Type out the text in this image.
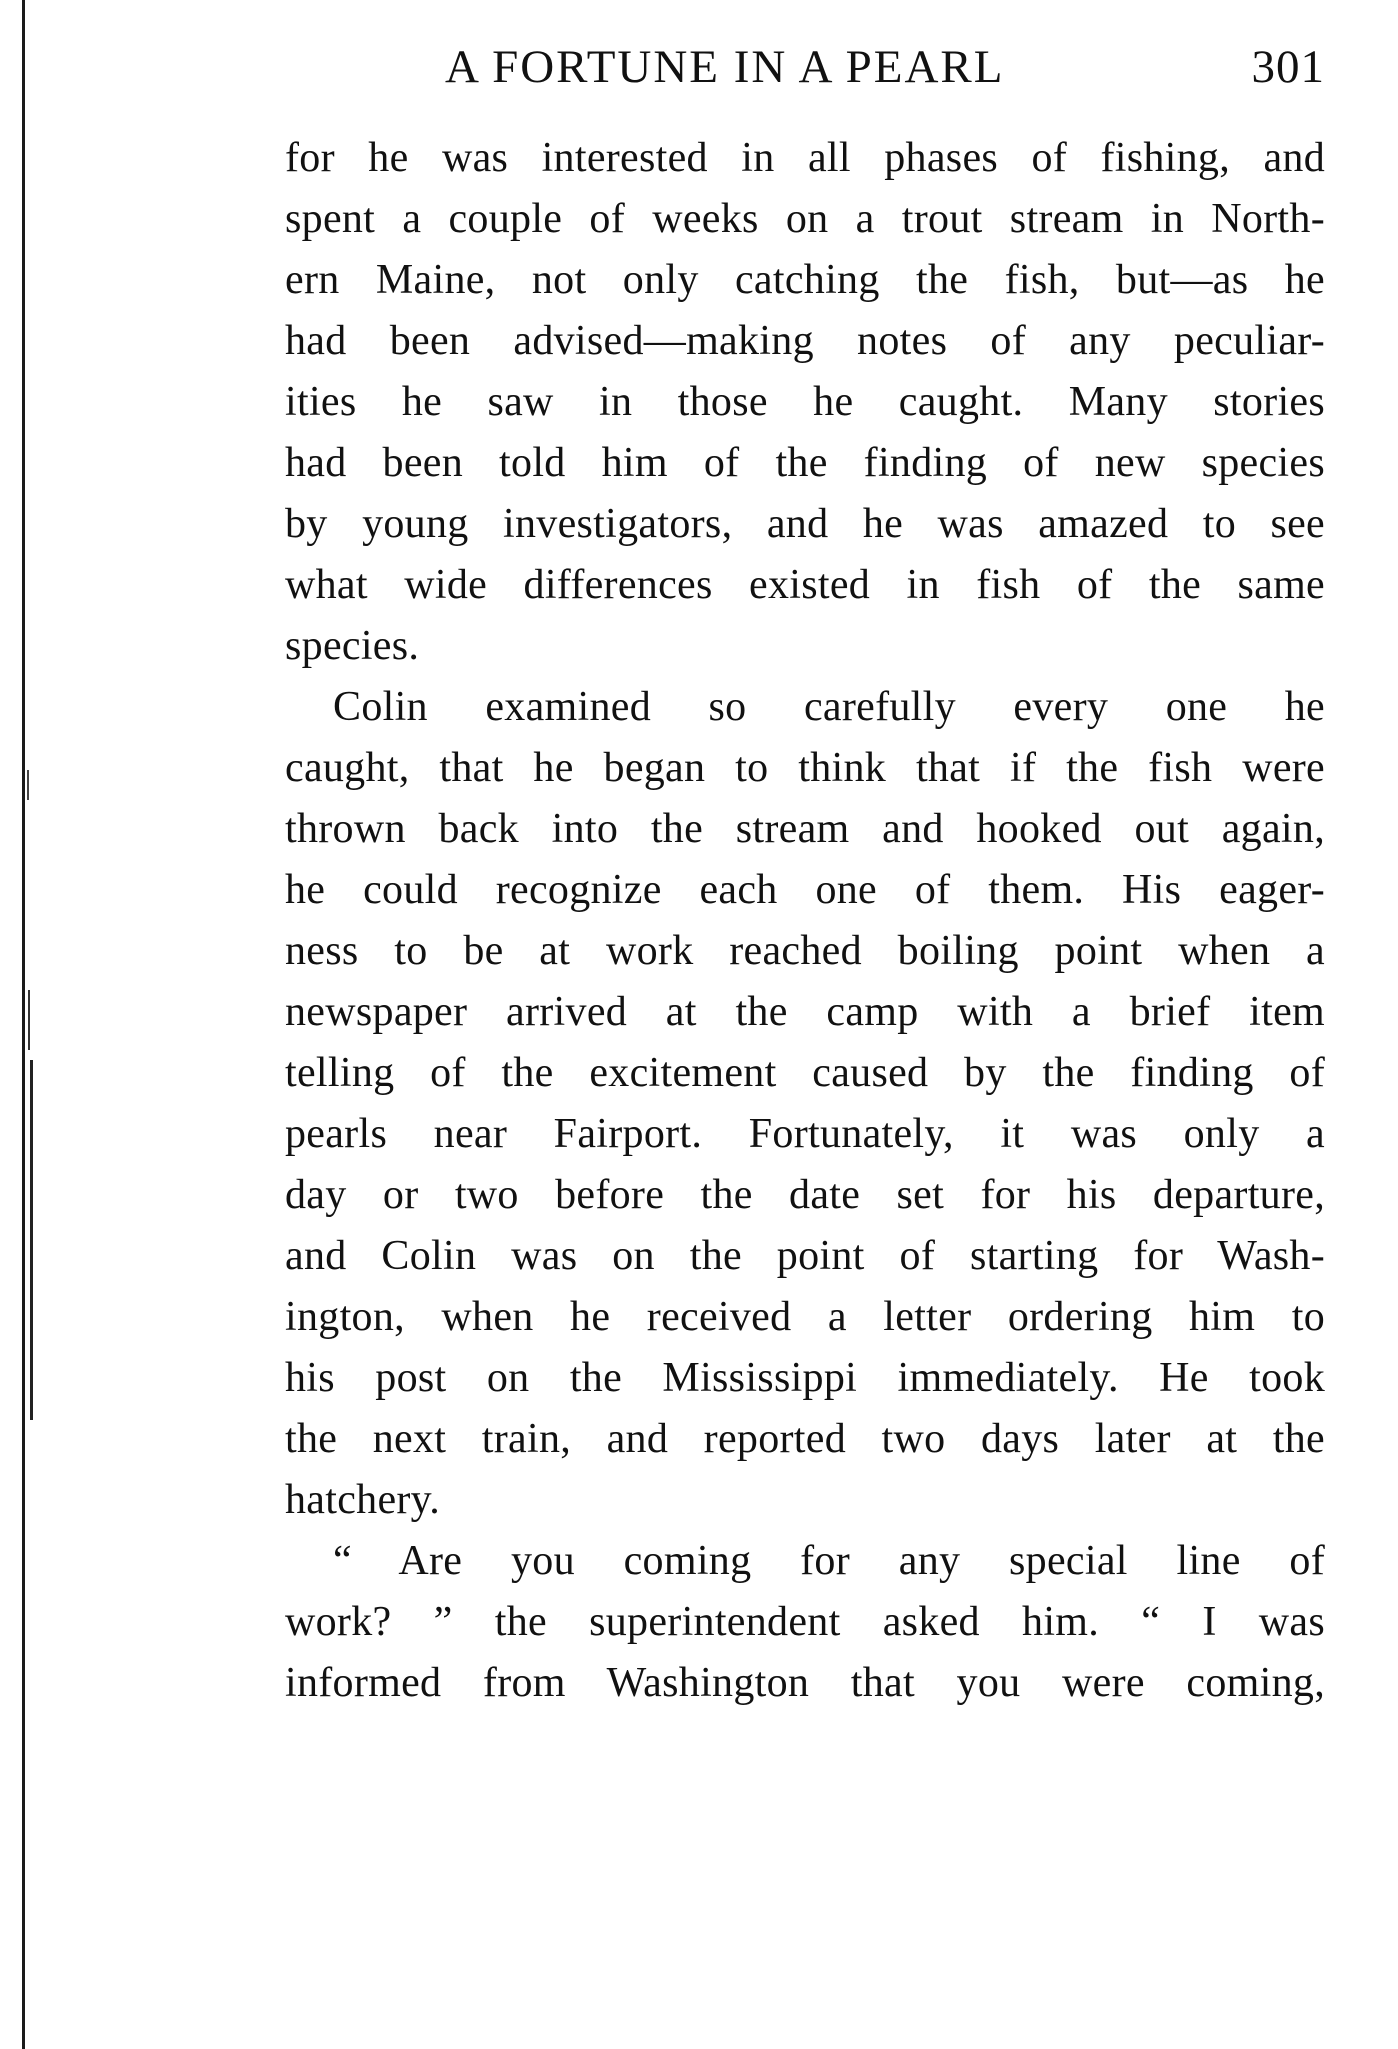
A FORTUNE IN A PEARL	301
for he was interested in all phases of fishing, and
spent a couple of weeks on a trout stream in North-
ern Maine, not only catching the fish, but—as he
had been advised—making notes of any peculiar-
ities he saw in those he caught. Many stories
had been told him of the finding of new species
by young investigators, and he was amazed to see
what wide differences existed in fish of the same
species.
Colin examined so carefully every one he
caught, that he began to think that if the fish were
thrown back into the stream and hooked out again,
he could recognize each one of them. His eager-
ness to be at work reached boiling point when a
newspaper arrived at the camp with a brief item
telling of the excitement caused by the finding of
pearls near Fairport. Fortunately, it was only a
day or two before the date set for his departure,
and Colin was on the point of starting for Wash-
ington, when he received a letter ordering him to
his post on the Mississippi immediately. He took
the next train, and reported two days later at the
hatchery.
“ Are you coming for any special line of
work? ” the superintendent asked him. “ I was
informed from Washington that you were coming,
